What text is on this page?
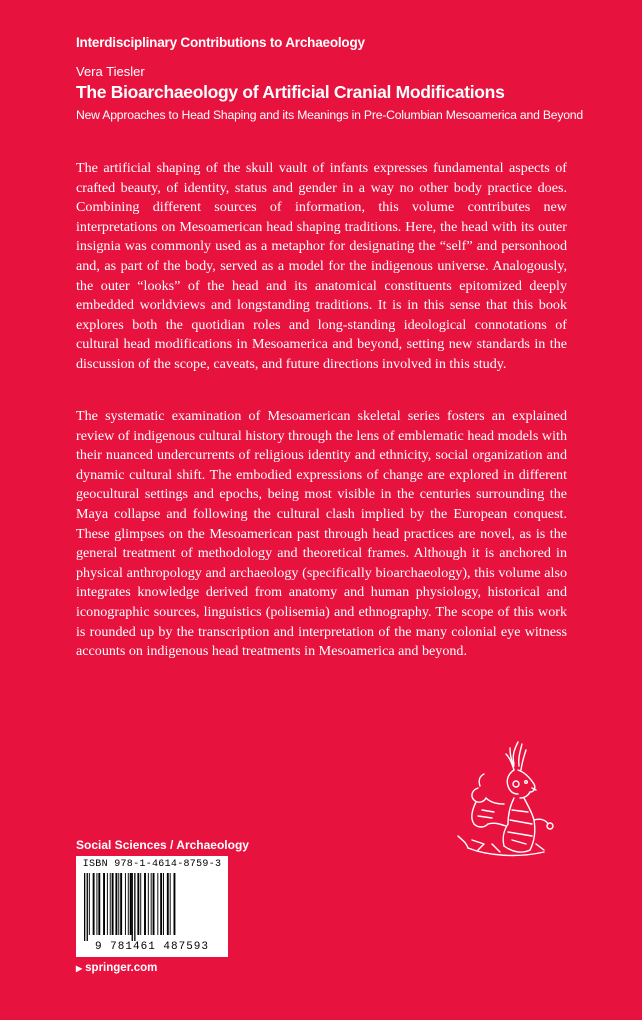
Interdisciplinary Contributions to Archaeology
Vera Tiesler
The Bioarchaeology of Artificial Cranial Modifications
New Approaches to Head Shaping and its Meanings in Pre-Columbian Mesoamerica and Beyond

The artificial shaping of the skull vault of infants expresses fundamental aspects of crafted beauty, of identity, status and gender in a way no other body practice does. Combining different sources of information, this volume contributes new interpretations on Mesoamerican head shaping traditions. Here, the head with its outer insignia was commonly used as a metaphor for designating the “self” and personhood and, as part of the body, served as a model for the indigenous universe. Analogously, the outer “looks” of the head and its anatomical constituents epitomized deeply embedded worldviews and longstanding traditions. It is in this sense that this book explores both the quotidian roles and long-standing ideological connotations of cultural head modifications in Mesoamerica and beyond, setting new standards in the discussion of the scope, caveats, and future directions involved in this study.

The systematic examination of Mesoamerican skeletal series fosters an explained review of indigenous cultural history through the lens of emblematic head models with their nuanced undercurrents of religious identity and ethnicity, social organization and dynamic cultural shift. The embodied expressions of change are explored in different geocultural settings and epochs, being most visible in the centuries surrounding the Maya collapse and following the cultural clash implied by the European conquest. These glimpses on the Mesoamerican past through head practices are novel, as is the general treatment of methodology and theoretical frames. Although it is anchored in physical anthropology and archaeology (specifically bioarchaeology), this volume also integrates knowledge derived from anatomy and human physiology, historical and iconographic sources, linguistics (polisemia) and ethnography. The scope of this work is rounded up by the transcription and interpretation of the many colonial eye witness accounts on indigenous head treatments in Mesoamerica and beyond.

Social Sciences / Archaeology
ISBN 978-1-4614-8759-3
9 781461 487593
▶ springer.com
